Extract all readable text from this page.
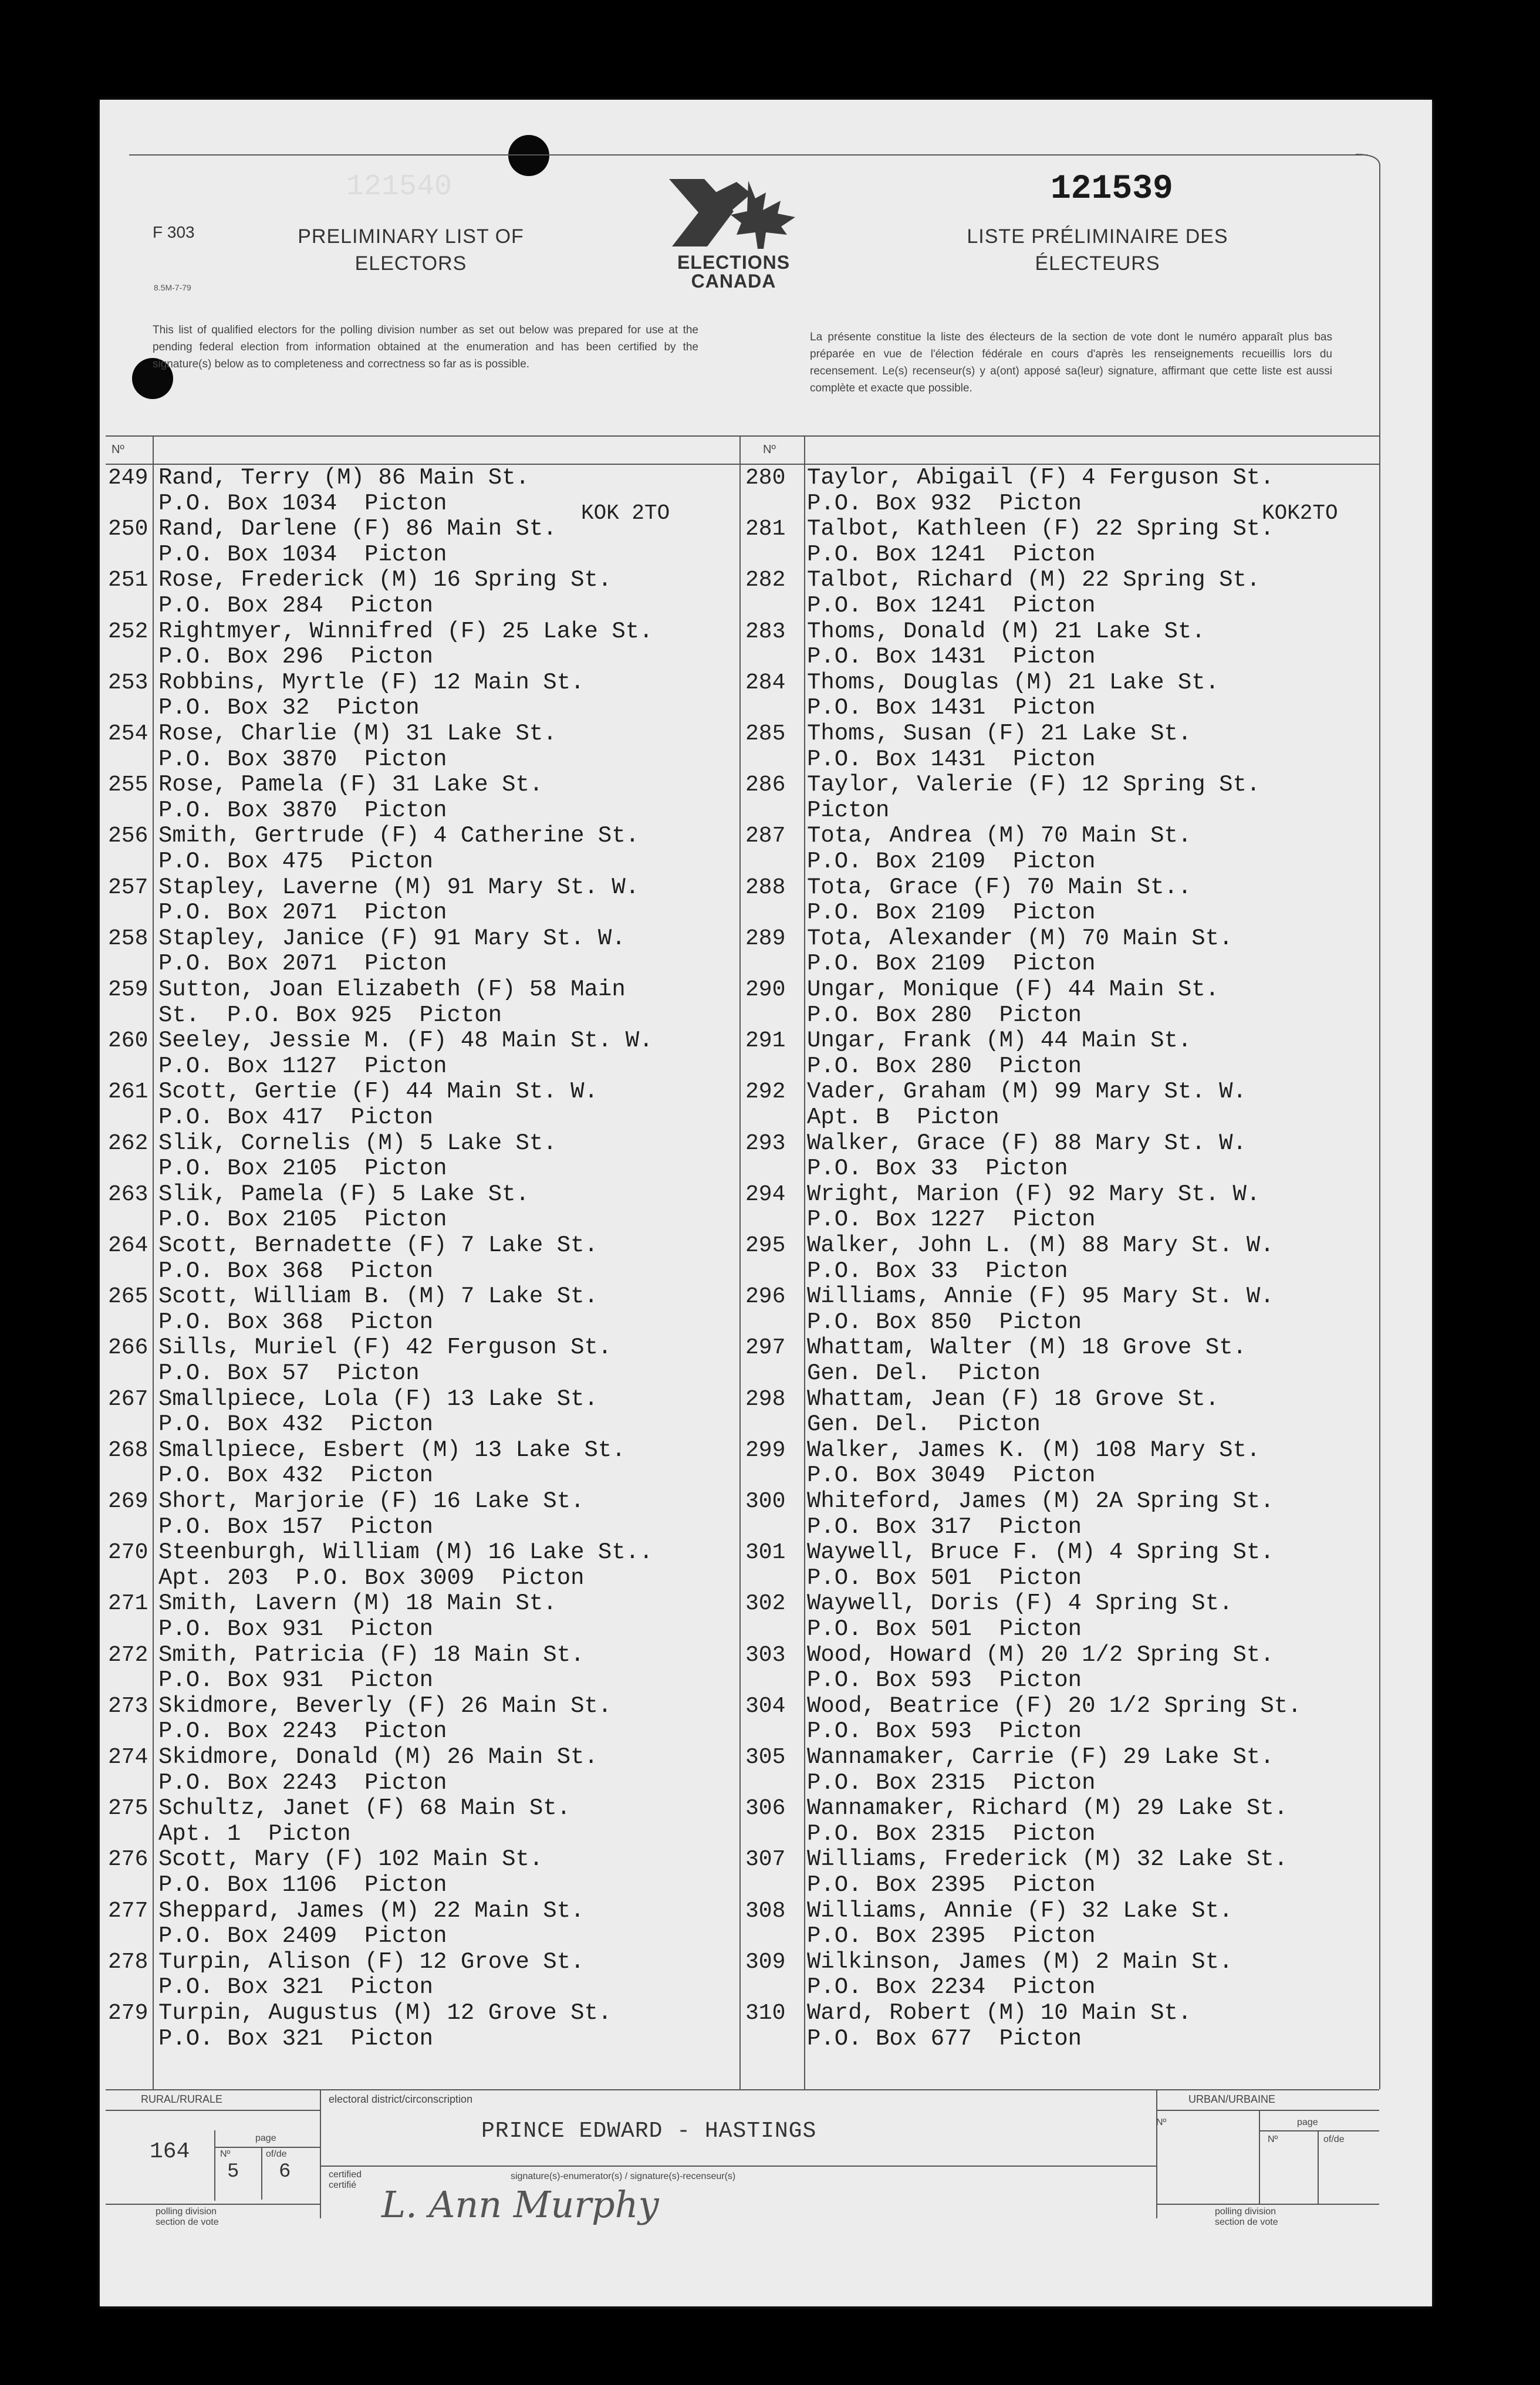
F 303
8.5M-7-79
PRELIMINARY LIST OF ELECTORS
121540
ELECTIONS
CANADA
121539
LISTE PRÉLIMINAIRE DES ÉLECTEURS
This list of qualified electors for the polling division number as set out below was prepared for use at the pending federal election from information obtained at the enumeration and has been certified by the signature(s) below as to completeness and correctness so far as is possible.
La présente constitue la liste des électeurs de la section de vote dont le numéro apparaît plus bas préparée en vue de l'élection fédérale en cours d'après les renseignements recueillis lors du recensement. Le(s) recenseur(s) y a(ont) apposé sa(leur) signature, affirmant que cette liste est aussi complète et exacte que possible.
Nº	Nº
KOK 2TO	KOK2TO
249 Rand, Terry (M) 86 Main St.
P.O. Box 1034  Picton
250 Rand, Darlene (F) 86 Main St.
P.O. Box 1034  Picton
251 Rose, Frederick (M) 16 Spring St.
P.O. Box 284  Picton
252 Rightmyer, Winnifred (F) 25 Lake St.
P.O. Box 296  Picton
253 Robbins, Myrtle (F) 12 Main St.
P.O. Box 32  Picton
254 Rose, Charlie (M) 31 Lake St.
P.O. Box 3870  Picton
255 Rose, Pamela (F) 31 Lake St.
P.O. Box 3870  Picton
256 Smith, Gertrude (F) 4 Catherine St.
P.O. Box 475  Picton
257 Stapley, Laverne (M) 91 Mary St. W.
P.O. Box 2071  Picton
258 Stapley, Janice (F) 91 Mary St. W.
P.O. Box 2071  Picton
259 Sutton, Joan Elizabeth (F) 58 Main
St.  P.O. Box 925  Picton
260 Seeley, Jessie M. (F) 48 Main St. W.
P.O. Box 1127  Picton
261 Scott, Gertie (F) 44 Main St. W.
P.O. Box 417  Picton
262 Slik, Cornelis (M) 5 Lake St.
P.O. Box 2105  Picton
263 Slik, Pamela (F) 5 Lake St.
P.O. Box 2105  Picton
264 Scott, Bernadette (F) 7 Lake St.
P.O. Box 368  Picton
265 Scott, William B. (M) 7 Lake St.
P.O. Box 368  Picton
266 Sills, Muriel (F) 42 Ferguson St.
P.O. Box 57  Picton
267 Smallpiece, Lola (F) 13 Lake St.
P.O. Box 432  Picton
268 Smallpiece, Esbert (M) 13 Lake St.
P.O. Box 432  Picton
269 Short, Marjorie (F) 16 Lake St.
P.O. Box 157  Picton
270 Steenburgh, William (M) 16 Lake St..
Apt. 203  P.O. Box 3009  Picton
271 Smith, Lavern (M) 18 Main St.
P.O. Box 931  Picton
272 Smith, Patricia (F) 18 Main St.
P.O. Box 931  Picton
273 Skidmore, Beverly (F) 26 Main St.
P.O. Box 2243  Picton
274 Skidmore, Donald (M) 26 Main St.
P.O. Box 2243  Picton
275 Schultz, Janet (F) 68 Main St.
Apt. 1  Picton
276 Scott, Mary (F) 102 Main St.
P.O. Box 1106  Picton
277 Sheppard, James (M) 22 Main St.
P.O. Box 2409  Picton
278 Turpin, Alison (F) 12 Grove St.
P.O. Box 321  Picton
279 Turpin, Augustus (M) 12 Grove St.
P.O. Box 321  Picton
280 Taylor, Abigail (F) 4 Ferguson St.
P.O. Box 932  Picton
281 Talbot, Kathleen (F) 22 Spring St.
P.O. Box 1241  Picton
282 Talbot, Richard (M) 22 Spring St.
P.O. Box 1241  Picton
283 Thoms, Donald (M) 21 Lake St.
P.O. Box 1431  Picton
284 Thoms, Douglas (M) 21 Lake St.
P.O. Box 1431  Picton
285 Thoms, Susan (F) 21 Lake St.
P.O. Box 1431  Picton
286 Taylor, Valerie (F) 12 Spring St.
Picton
287 Tota, Andrea (M) 70 Main St.
P.O. Box 2109  Picton
288 Tota, Grace (F) 70 Main St..
P.O. Box 2109  Picton
289 Tota, Alexander (M) 70 Main St.
P.O. Box 2109  Picton
290 Ungar, Monique (F) 44 Main St.
P.O. Box 280  Picton
291 Ungar, Frank (M) 44 Main St.
P.O. Box 280  Picton
292 Vader, Graham (M) 99 Mary St. W.
Apt. B  Picton
293 Walker, Grace (F) 88 Mary St. W.
P.O. Box 33  Picton
294 Wright, Marion (F) 92 Mary St. W.
P.O. Box 1227  Picton
295 Walker, John L. (M) 88 Mary St. W.
P.O. Box 33  Picton
296 Williams, Annie (F) 95 Mary St. W.
P.O. Box 850  Picton
297 Whattam, Walter (M) 18 Grove St.
Gen. Del.  Picton
298 Whattam, Jean (F) 18 Grove St.
Gen. Del.  Picton
299 Walker, James K. (M) 108 Mary St.
P.O. Box 3049  Picton
300 Whiteford, James (M) 2A Spring St.
P.O. Box 317  Picton
301 Waywell, Bruce F. (M) 4 Spring St.
P.O. Box 501  Picton
302 Waywell, Doris (F) 4 Spring St.
P.O. Box 501  Picton
303 Wood, Howard (M) 20 1/2 Spring St.
P.O. Box 593  Picton
304 Wood, Beatrice (F) 20 1/2 Spring St.
P.O. Box 593  Picton
305 Wannamaker, Carrie (F) 29 Lake St.
P.O. Box 2315  Picton
306 Wannamaker, Richard (M) 29 Lake St.
P.O. Box 2315  Picton
307 Williams, Frederick (M) 32 Lake St.
P.O. Box 2395  Picton
308 Williams, Annie (F) 32 Lake St.
P.O. Box 2395  Picton
309 Wilkinson, James (M) 2 Main St.
P.O. Box 2234  Picton
310 Ward, Robert (M) 10 Main St.
P.O. Box 677  Picton
RURAL/RURALE
164
page
Nº	of/de
5 6
polling division
section de vote
electoral district/circonscription
PRINCE EDWARD - HASTINGS
certified
certifié
signature(s)-enumerator(s) / signature(s)-recenseur(s)
L. Ann Murphy
URBAN/URBAINE
Nº	page
Nº	of/de
polling division
section de vote
